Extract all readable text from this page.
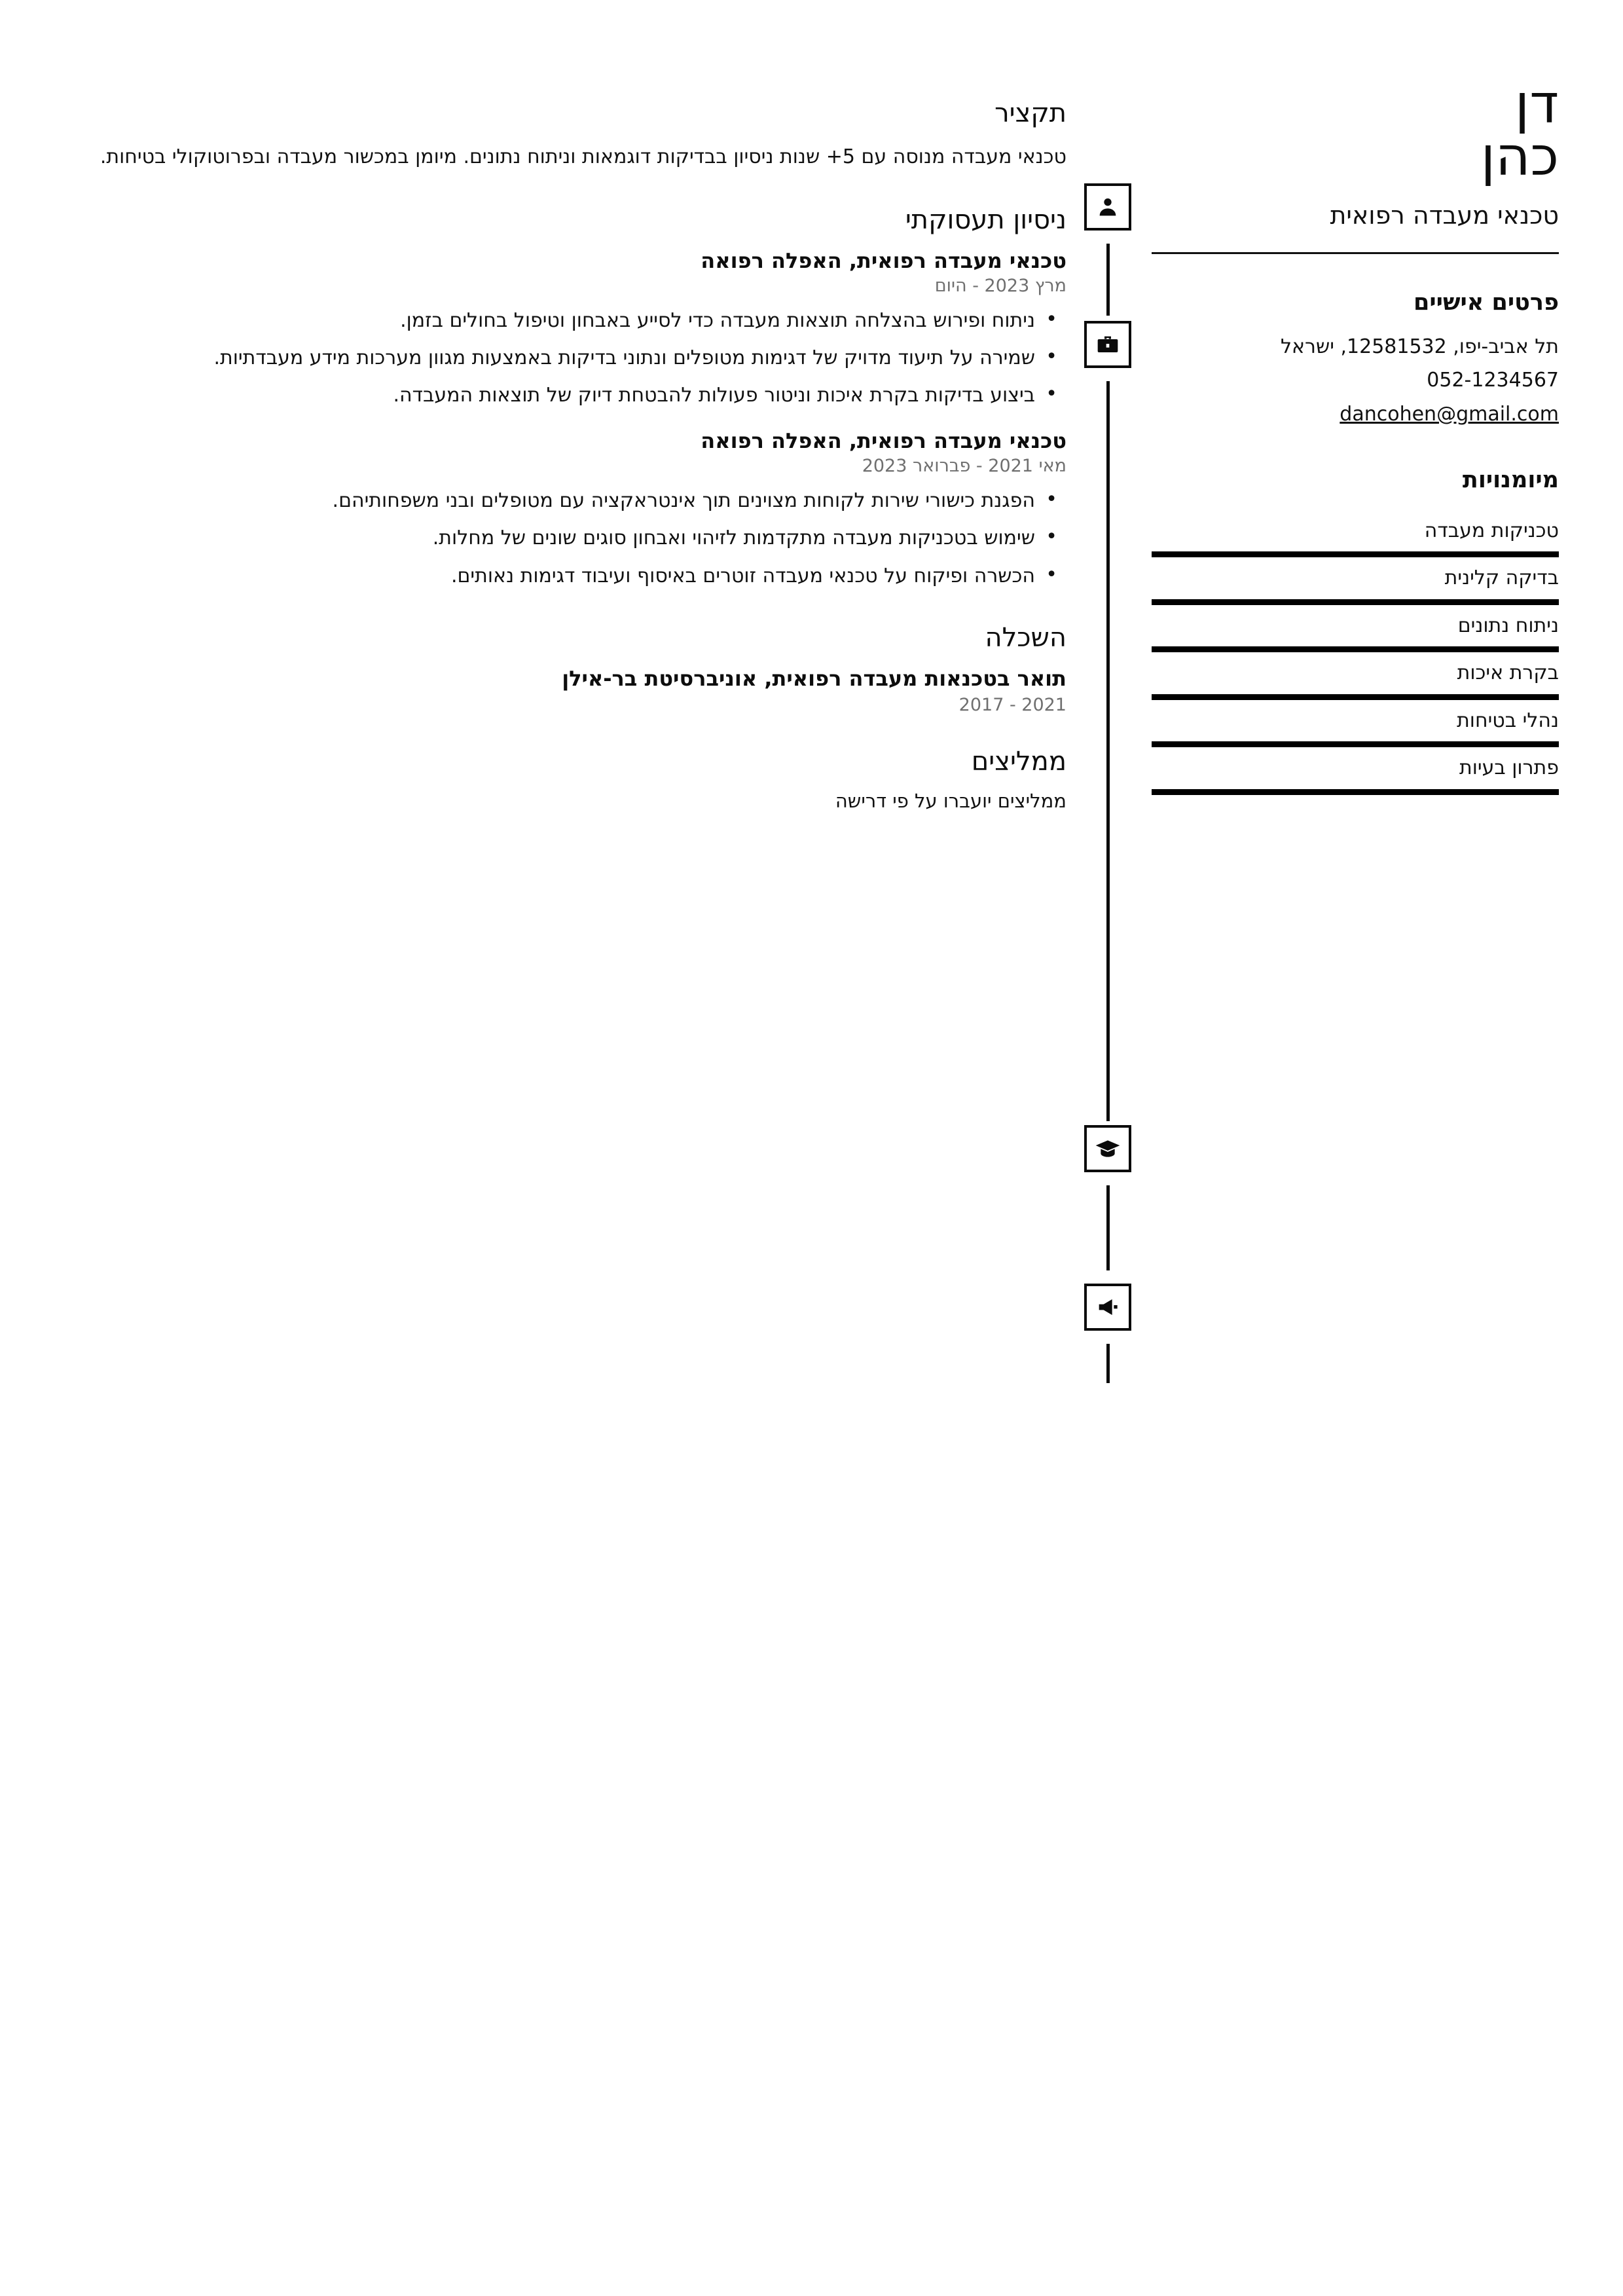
דן
כהן
טכנאי מעבדה רפואית
פרטים אישיים
תל אביב-יפו, 12581532, ישראל
052-1234567
dancohen@gmail.com
מיומנויות
טכניקות מעבדה
בדיקה קלינית
ניתוח נתונים
בקרת איכות
נהלי בטיחות
פתרון בעיות
תקציר
טכנאי מעבדה מנוסה עם 5+ שנות ניסיון בבדיקות דוגמאות וניתוח נתונים. מיומן במכשור מעבדה ובפרוטוקולי בטיחות.
ניסיון תעסוקתי
טכנאי מעבדה רפואית, האפלה רפואה
מרץ 2023 - היום
• ניתוח ופירוש בהצלחה תוצאות מעבדה כדי לסייע באבחון וטיפול בחולים בזמן.
• שמירה על תיעוד מדויק של דגימות מטופלים ונתוני בדיקות באמצעות מגוון מערכות מידע מעבדתיות.
• ביצוע בדיקות בקרת איכות וניטור פעולות להבטחת דיוק של תוצאות המעבדה.
טכנאי מעבדה רפואית, האפלה רפואה
מאי 2021 - פברואר 2023
• הפגנת כישורי שירות לקוחות מצוינים תוך אינטראקציה עם מטופלים ובני משפחותיהם.
• שימוש בטכניקות מעבדה מתקדמות לזיהוי ואבחון סוגים שונים של מחלות.
• הכשרה ופיקוח על טכנאי מעבדה זוטרים באיסוף ועיבוד דגימות נאותים.
השכלה
תואר בטכנאות מעבדה רפואית, אוניברסיטת בר-אילן
2017 - 2021
ממליצים
ממליצים יועברו על פי דרישה
